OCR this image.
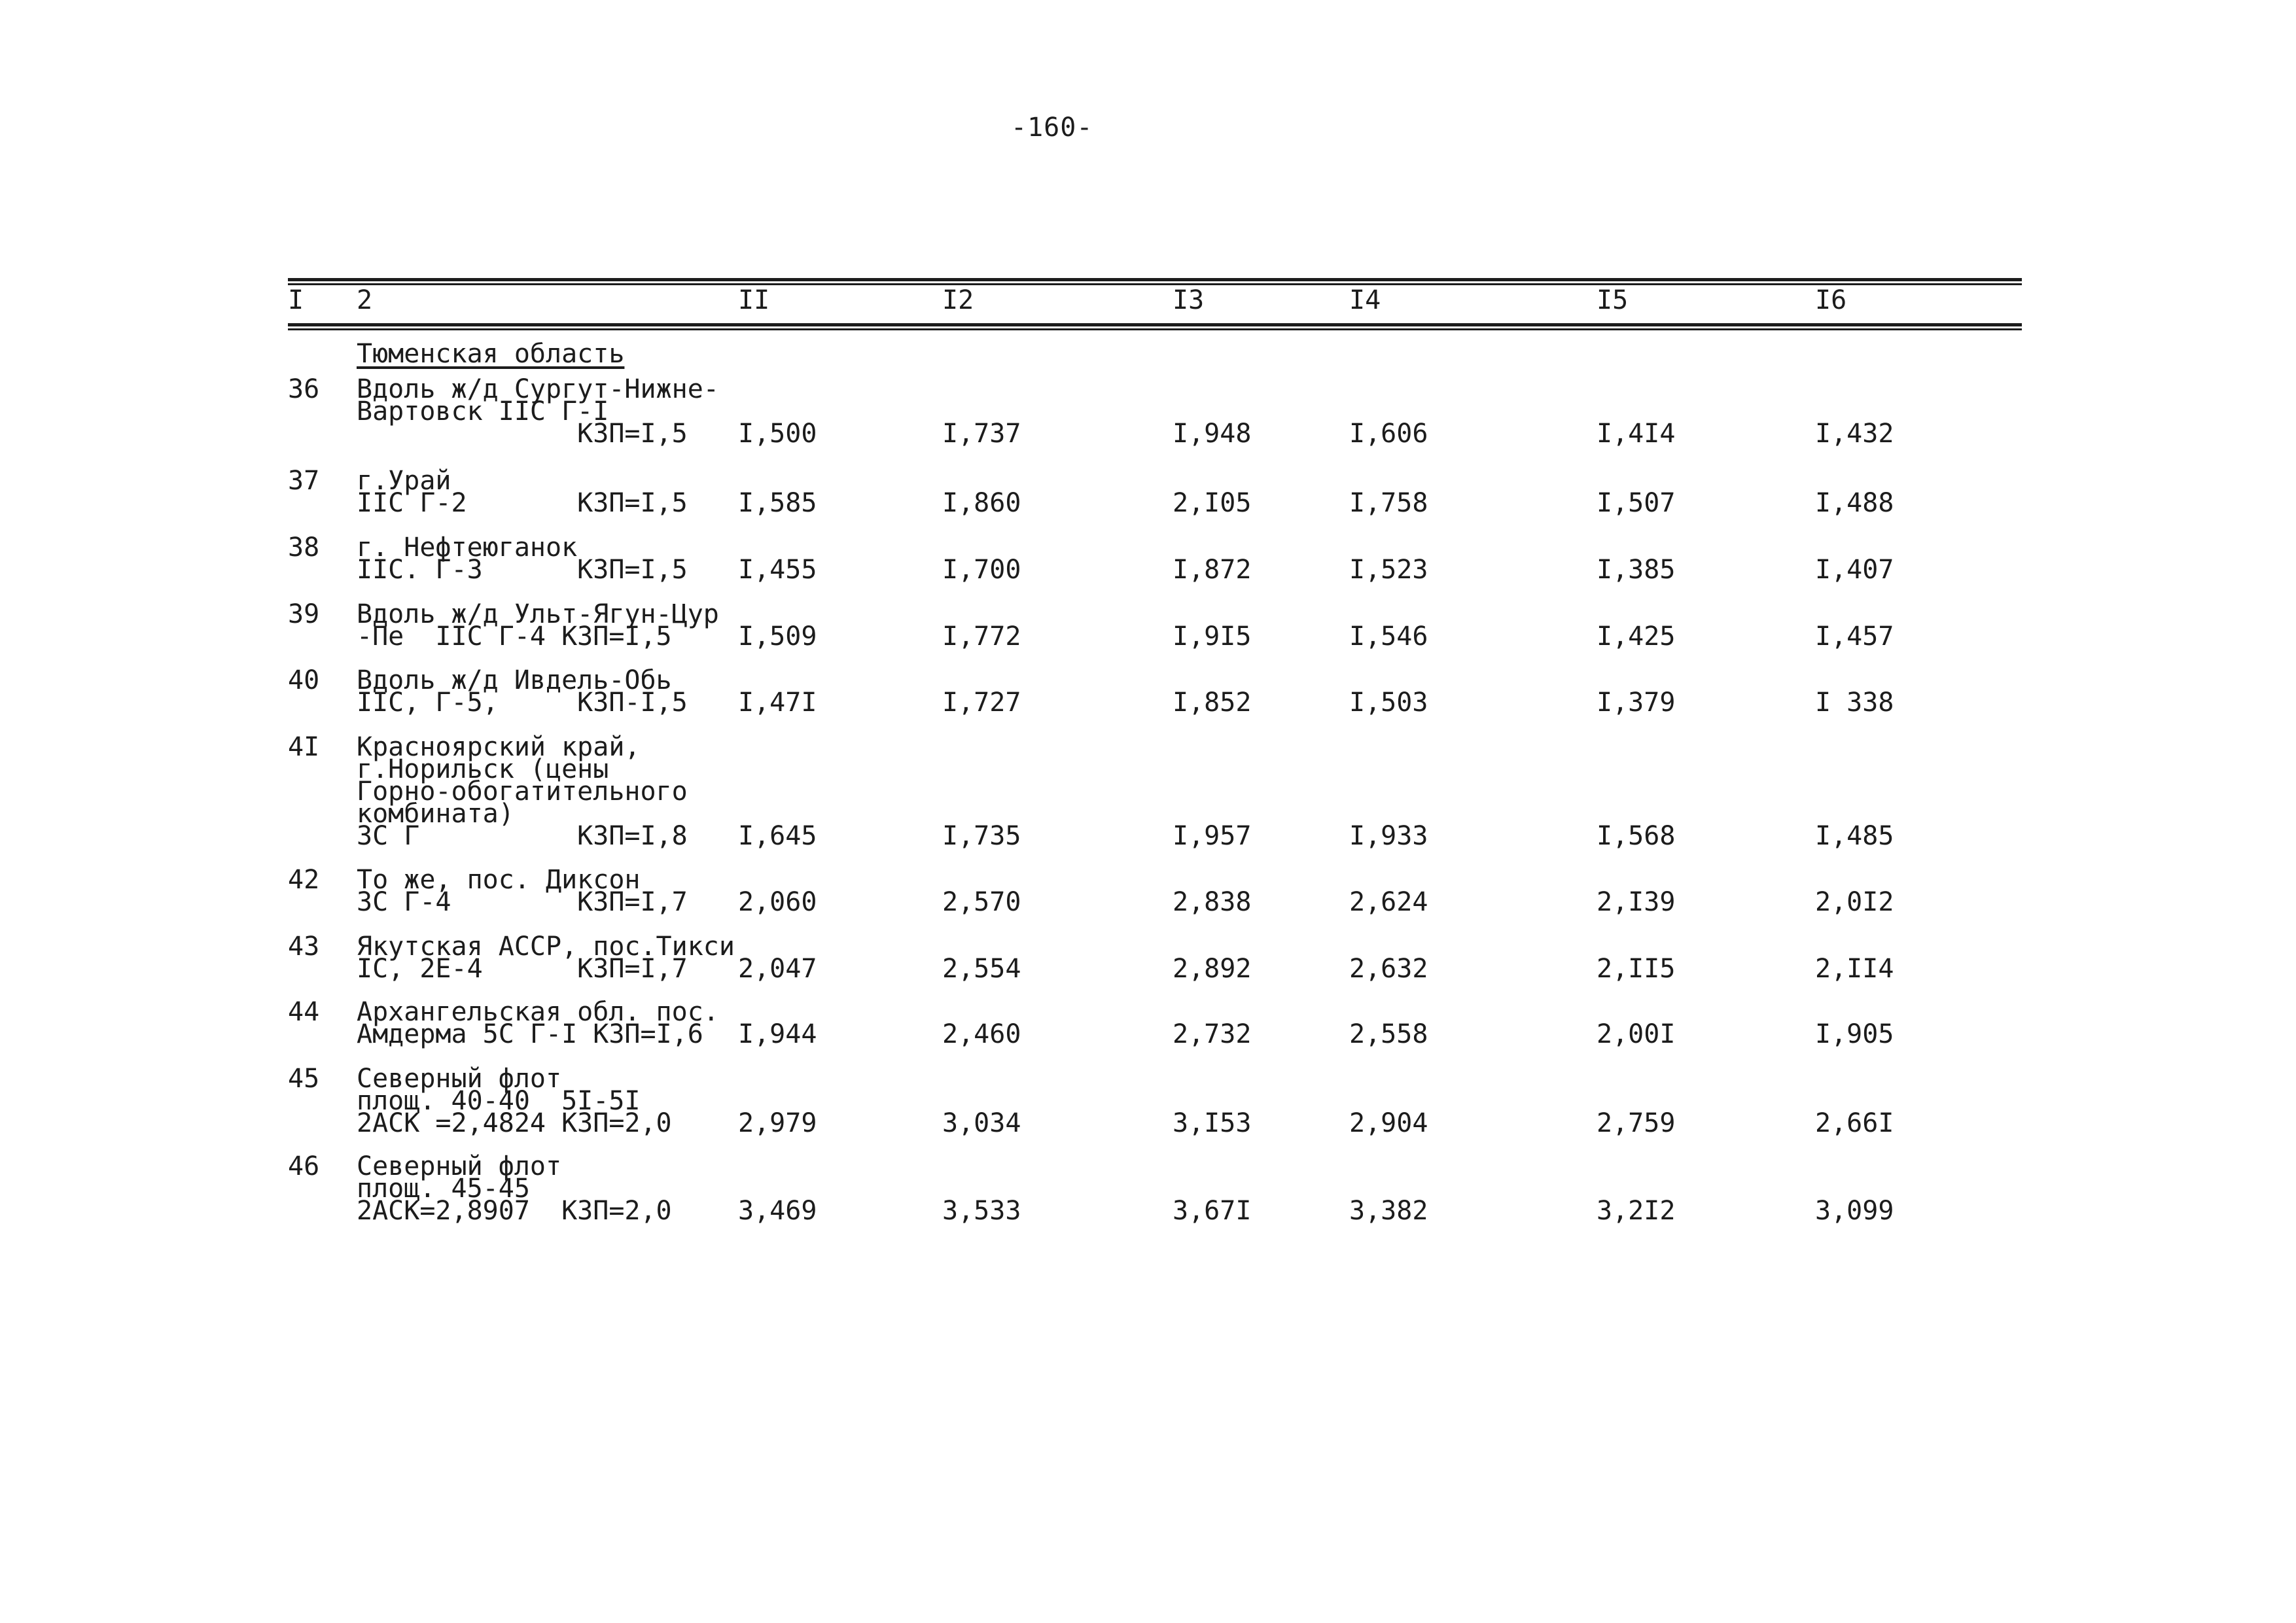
-160-
I 2	II	I2	I3	I4	I5	I6
Тюменская область
36 Вдоль ж/д Сургут-Нижне-
Вартовск IIC Г-I
КЗП=I,5	I,500	I,737	I,948	I,606	I,4I4	I,432
37 г.Урай
IIC Г-2       КЗП=I,5 I,585	I,860	2,I05	I,758	I,507	I,488
38 г. Нефтеюганок
IIC. Г-3      КЗП=I,5 I,455	I,700	I,872	I,523	I,385	I,407
39 Вдоль ж/д Ульт-Ягун-Цур
-Пе  IIC Г-4 КЗП=I,5	I,509	I,772	I,9I5	I,546	I,425	I,457
40 Вдоль ж/д Ивдель-Обь
IIC, Г-5,     КЗП-I,5 I,47I	I,727	I,852	I,503	I,379	I 338
4I Красноярский край,
г.Норильск (цены
Горно-обогатительного
комбината)
3С Г          КЗП=I,8 I,645	I,735	I,957	I,933	I,568	I,485
42 То же, пос. Диксон
3С Г-4        КЗП=I,7 2,060	2,570	2,838	2,624	2,I39	2,0I2
43 Якутская АССР, пос.Тикси
IC, 2Е-4      КЗП=I,7	2,047	2,554	2,892	2,632	2,II5	2,II4
44 Архангельская обл. пос.
Амдерма 5С Г-I КЗП=I,6	I,944	2,460	2,732	2,558	2,00I	I,905
45 Северный флот
площ. 40-40  5I-5I
2АСК =2,4824 КЗП=2,0	2,979	3,034	3,I53	2,904	2,759	2,66I
46 Северный флот
площ. 45-45
2АСК=2,8907  КЗП=2,0	3,469	3,533	3,67I	3,382	3,2I2	3,099
